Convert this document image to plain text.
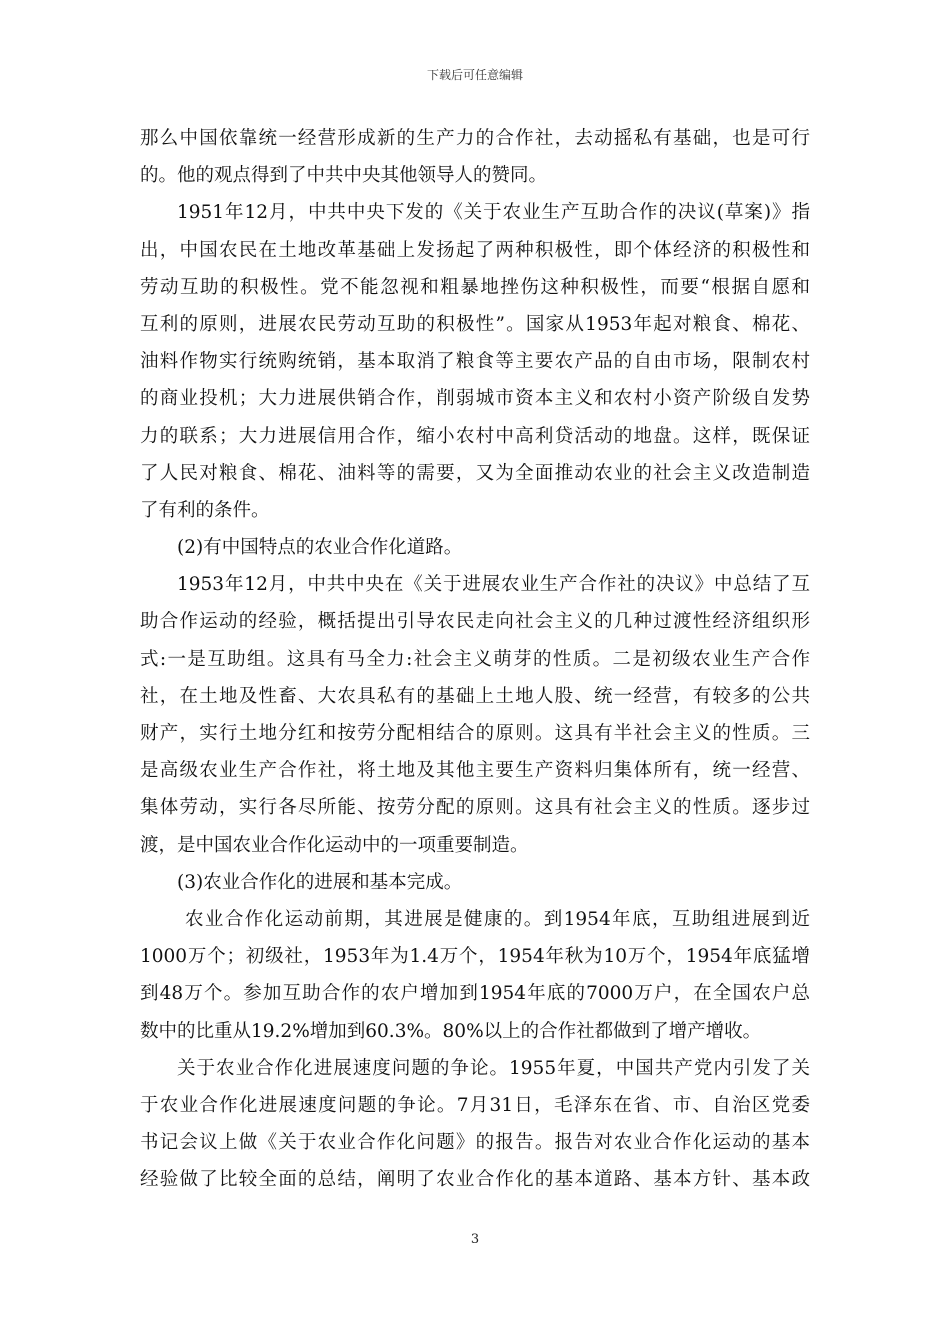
下载后可任意编辑
那么中国依靠统一经营形成新的生产力的合作社，去动摇私有基础，也是可行
的。他的观点得到了中共中央其他领导人的赞同。
1951年12月，中共中央下发的《关于农业生产互助合作的决议(草案)》指
出，中国农民在土地改革基础上发扬起了两种积极性，即个体经济的积极性和
劳动互助的积极性。党不能忽视和粗暴地挫伤这种积极性，而要“根据自愿和
互利的原则，进展农民劳动互助的积极性”。国家从1953年起对粮食、棉花、
油料作物实行统购统销，基本取消了粮食等主要农产品的自由市场，限制农村
的商业投机；大力进展供销合作，削弱城市资本主义和农村小资产阶级自发势
力的联系；大力进展信用合作，缩小农村中高利贷活动的地盘。这样，既保证
了人民对粮食、棉花、油料等的需要，又为全面推动农业的社会主义改造制造
了有利的条件。
(2)有中国特点的农业合作化道路。
1953年12月，中共中央在《关于进展农业生产合作社的决议》中总结了互
助合作运动的经验，概括提出引导农民走向社会主义的几种过渡性经济组织形
式:一是互助组。这具有马全力:社会主义萌芽的性质。二是初级农业生产合作
社，在土地及性畜、大农具私有的基础上土地人股、统一经营，有较多的公共
财产，实行土地分红和按劳分配相结合的原则。这具有半社会主义的性质。三
是高级农业生产合作社，将土地及其他主要生产资料归集体所有，统一经营、
集体劳动，实行各尽所能、按劳分配的原则。这具有社会主义的性质。逐步过
渡，是中国农业合作化运动中的一项重要制造。
(3)农业合作化的进展和基本完成。
农业合作化运动前期，其进展是健康的。到1954年底，互助组进展到近
1000万个；初级社，1953年为1.4万个，1954年秋为10万个，1954年底猛增
到48万个。参加互助合作的农户增加到1954年底的7000万户，在全国农户总
数中的比重从19.2%增加到60.3%。80%以上的合作社都做到了增产增收。
关于农业合作化进展速度问题的争论。1955年夏，中国共产党内引发了关
于农业合作化进展速度问题的争论。7月31日，毛泽东在省、市、自治区党委
书记会议上做《关于农业合作化问题》的报告。报告对农业合作化运动的基本
经验做了比较全面的总结，阐明了农业合作化的基本道路、基本方针、基本政
3
